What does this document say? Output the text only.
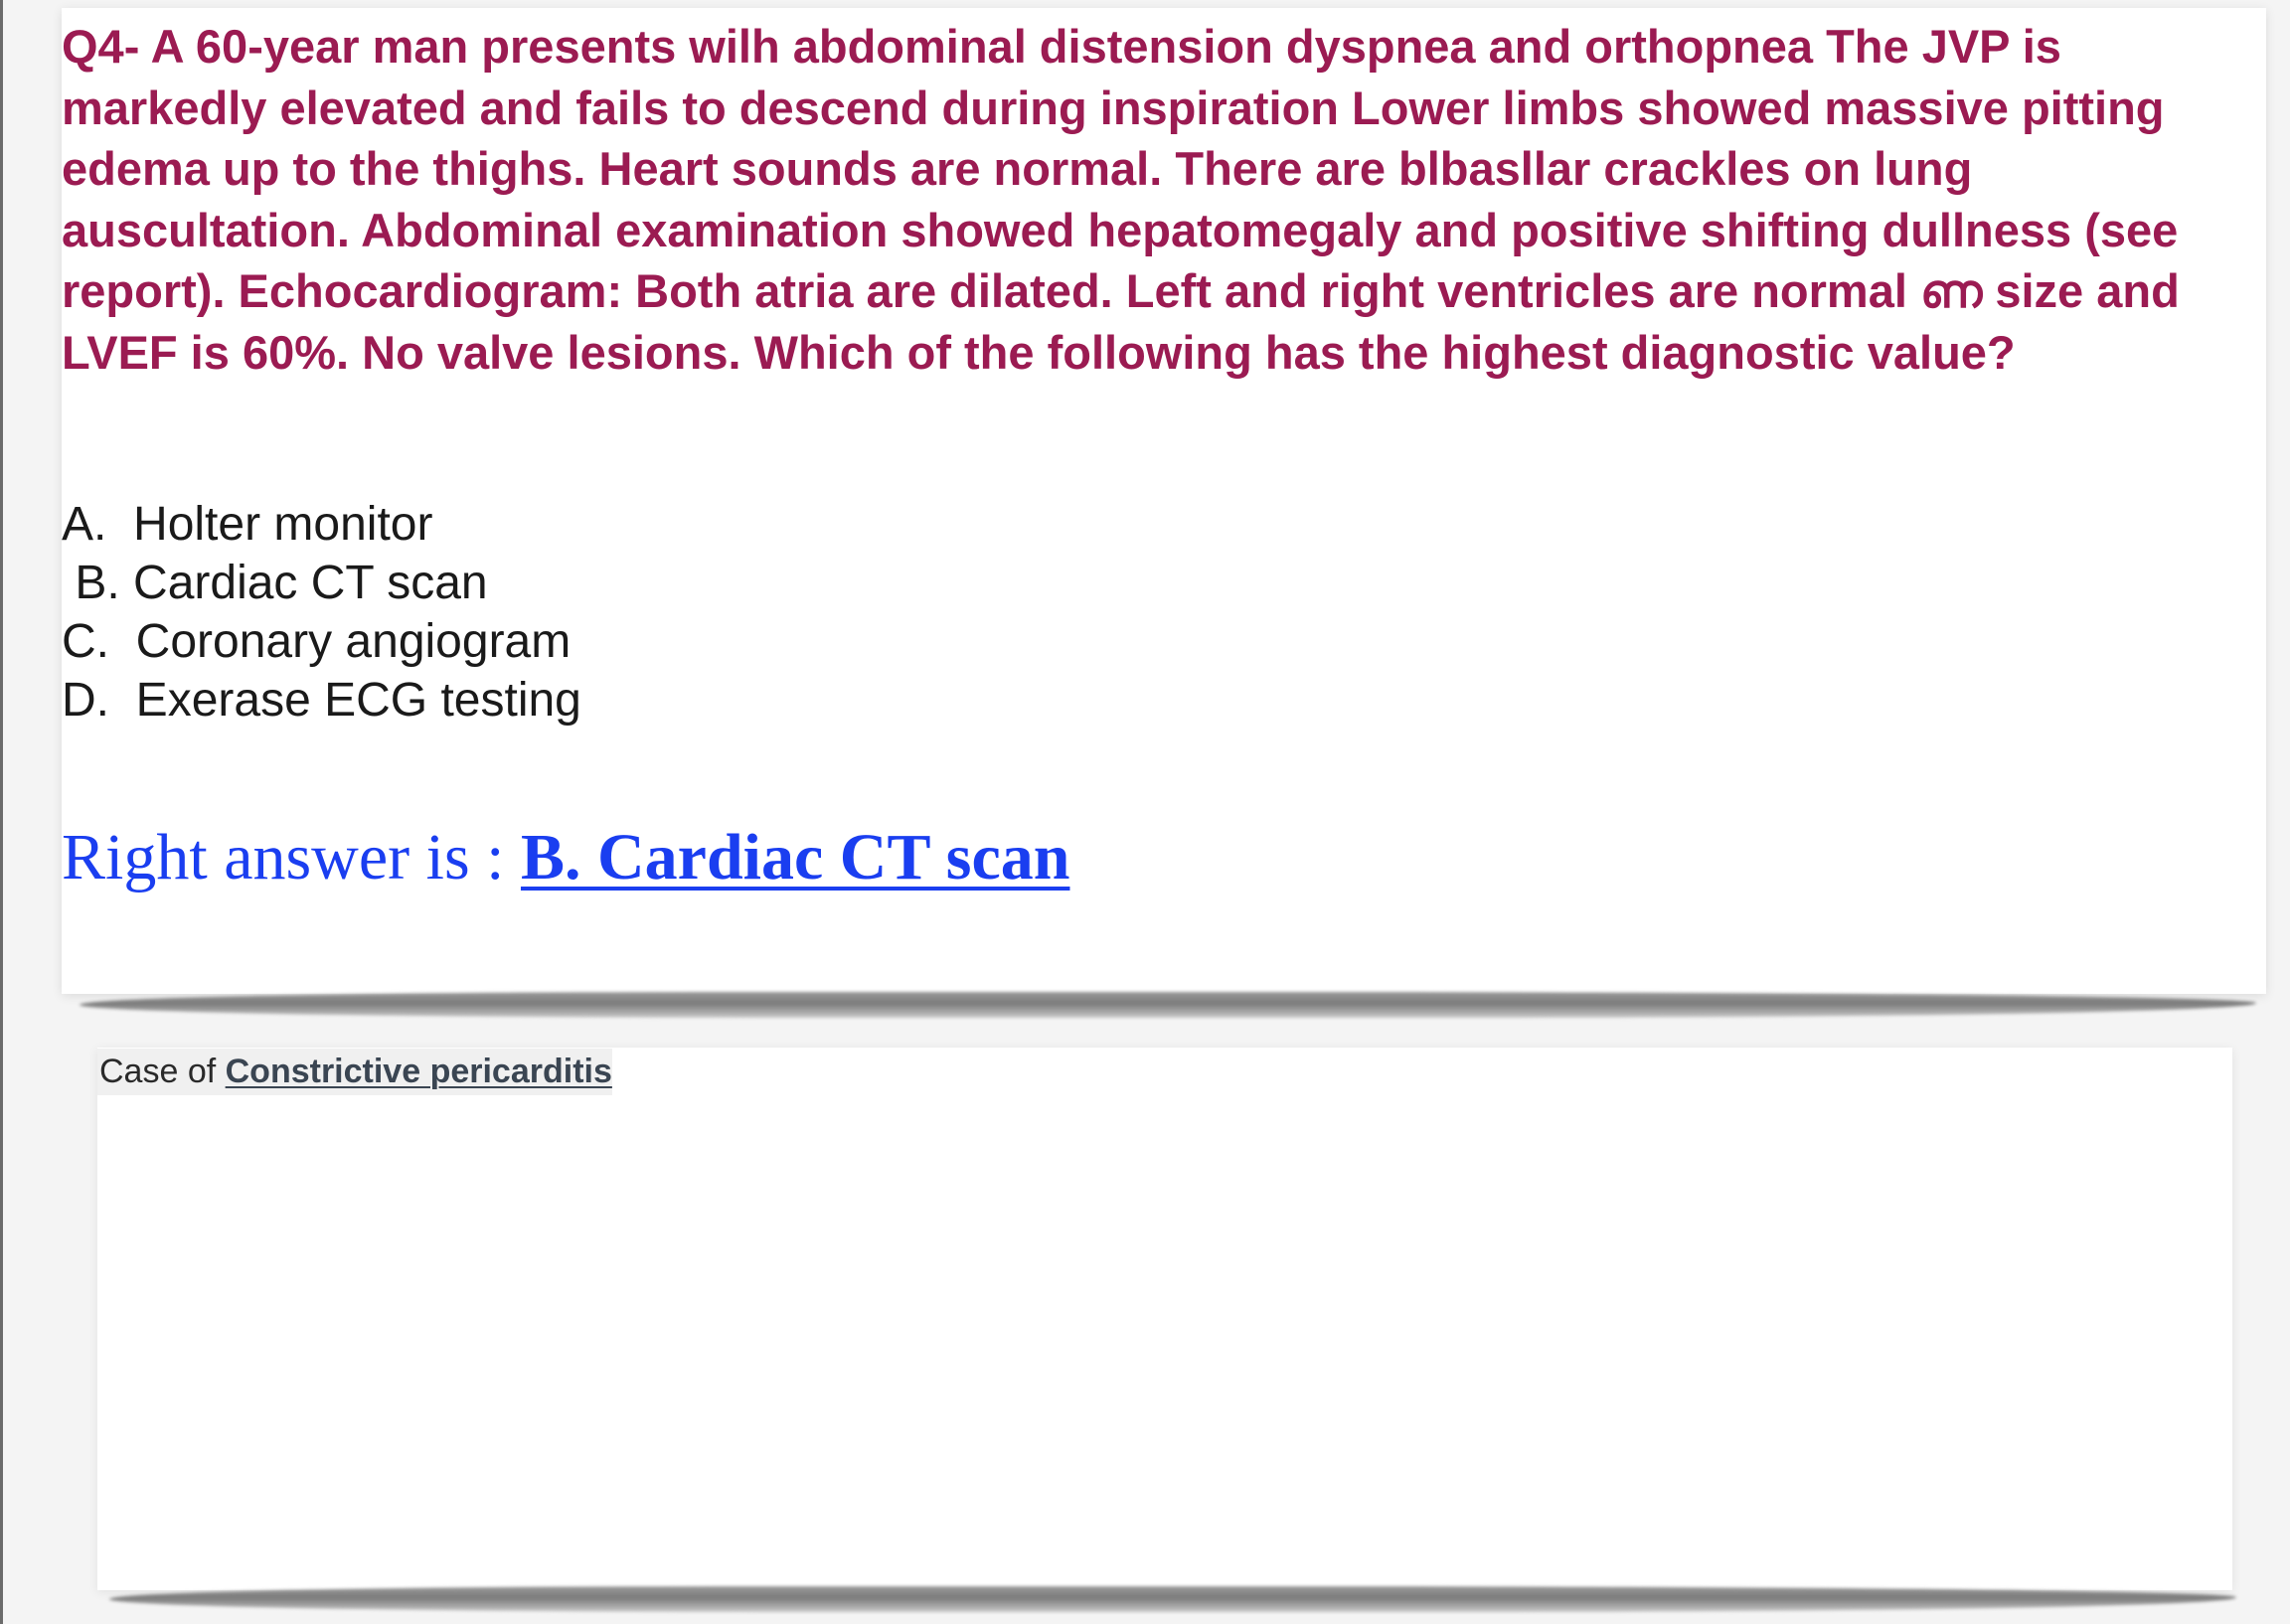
Q4- A 60-year man presents wilh abdominal distension dyspnea and orthopnea The JVP is markedly elevated and fails to descend during inspiration Lower limbs showed massive pitting edema up to the thighs. Heart sounds are normal. There are blbasllar crackles on lung auscultation. Abdominal examination showed hepatomegaly and positive shifting dullness (see report). Echocardiogram: Both atria are dilated. Left and right ventricles are normal ണ size and LVEF is 60%. No valve lesions. Which of the following has the highest diagnostic value?

A.  Holter monitor
B. Cardiac CT scan
C.  Coronary angiogram
D.  Exerase ECG testing
Right answer is : B. Cardiac CT scan
Case of Constrictive pericarditis
